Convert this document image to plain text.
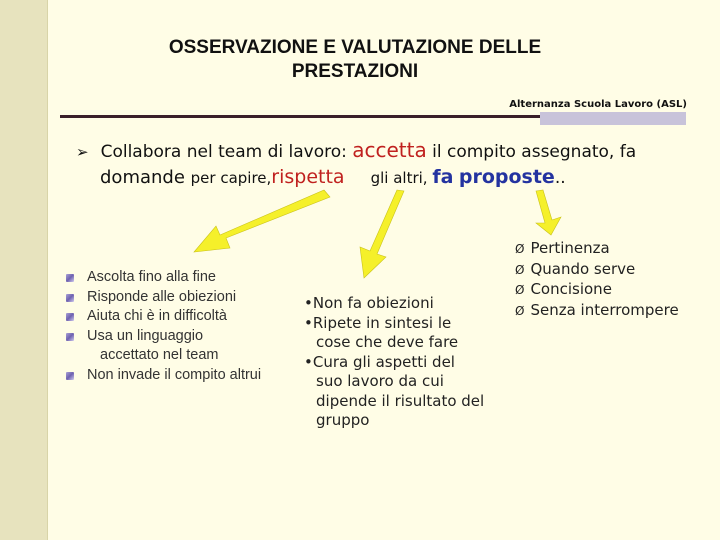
OSSERVAZIONE E VALUTAZIONE DELLE
PRESTAZIONI
Alternanza Scuola Lavoro (ASL)
➢ Collabora nel team di lavoro: accetta il compito assegnato, fa
domande per capire,rispetta gli altri, fa proposte..
Ascolta fino alla fine
Risponde alle obiezioni
Aiuta chi è in difficoltà
Usa un linguaggio
accettato nel team
Non invade il compito altrui
•Non fa obiezioni
•Ripete in sintesi le
cose che deve fare
•Cura gli aspetti del
suo lavoro da cui
dipende il risultato del
gruppo
Ø Pertinenza
Ø Quando serve
Ø Concisione
Ø Senza interrompere
